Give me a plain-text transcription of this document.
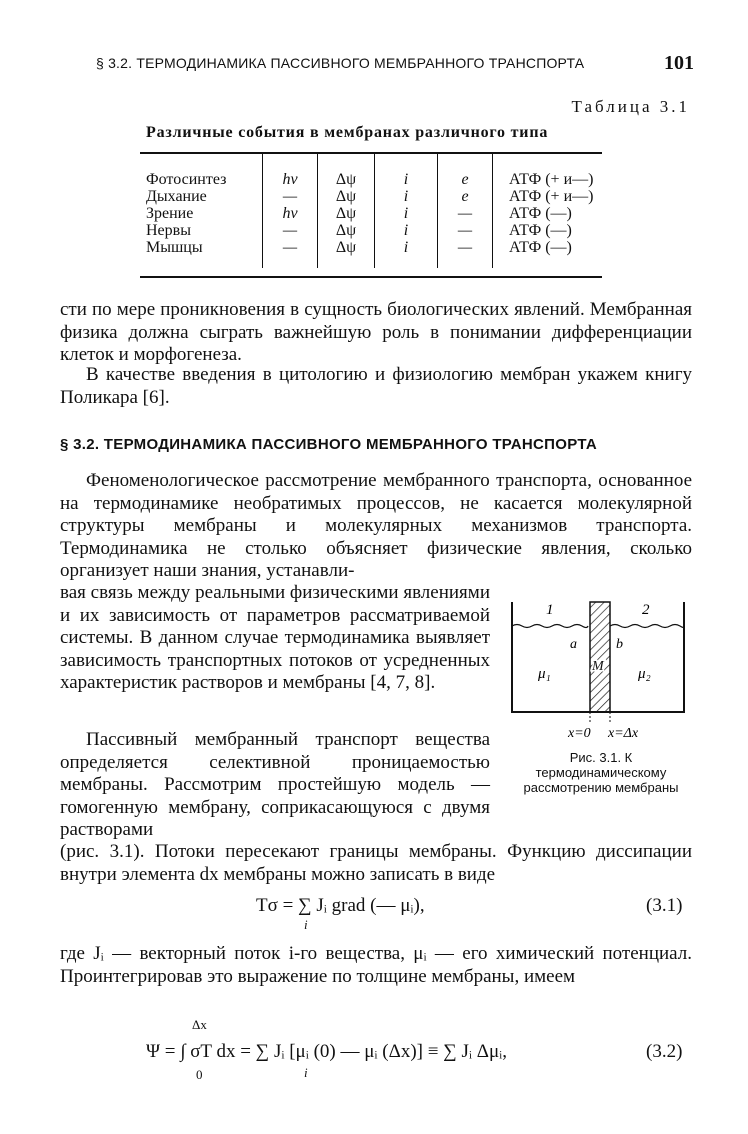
§ 3.2. ТЕРМОДИНАМИКА ПАССИВНОГО МЕМБРАННОГО ТРАНСПОРТА	101
Таблица 3.1
Различные события в мембранах различного типа
Фотосинтез	hν	Δψ	i	e	АТФ (+ и—)
Дыхание	—	Δψ	i	e	АТФ (+ и—)
Зрение	hν	Δψ	i	—	АТФ (—)
Нервы	—	Δψ	i	—	АТФ (—)
Мышцы	—	Δψ	i	—	АТФ (—)
сти по мере проникновения в сущность биологических явлений. Мембранная физика должна сыграть важнейшую роль в понимании дифференциации клеток и морфогенеза.
В качестве введения в цитологию и физиологию мембран укажем книгу Поликара [6].
§ 3.2. ТЕРМОДИНАМИКА ПАССИВНОГО МЕМБРАННОГО ТРАНСПОРТА
Феноменологическое рассмотрение мембранного транспорта, основанное на термодинамике необратимых процессов, не касается молекулярной структуры мембраны и молекулярных механизмов транспорта. Термодинамика не столько объясняет физические явления, сколько организует наши знания, устанавли-
вая связь между реальными физическими явлениями и их зависимость от параметров рассматриваемой системы. В данном случае термодинамика выявляет зависимость транспортных потоков от усредненных характеристик растворов и мембраны [4, 7, 8].
1	2
a	b
M
μ₁	μ₂
x=0 x=Δx
Рис. 3.1. К термодинамическому рассмотрению мембраны
Пассивный мембранный транспорт вещества определяется селективной проницаемостью мембраны. Рассмотрим простейшую модель — гомогенную мембрану, соприкасающуюся с двумя растворами
(рис. 3.1). Потоки пересекают границы мембраны. Функцию диссипации внутри элемента dx мембраны можно записать в виде
Tσ = ∑ Jᵢ grad (— μᵢ),
i
(3.1)
где Jᵢ — векторный поток i-го вещества, μᵢ — его химический потенциал. Проинтегрировав это выражение по толщине мембраны, имеем
Ψ = ∫ σT dx = ∑ Jᵢ [μᵢ (0) — μᵢ (Δx)] ≡ ∑ Jᵢ Δμᵢ,
Δx
0	i
(3.2)
